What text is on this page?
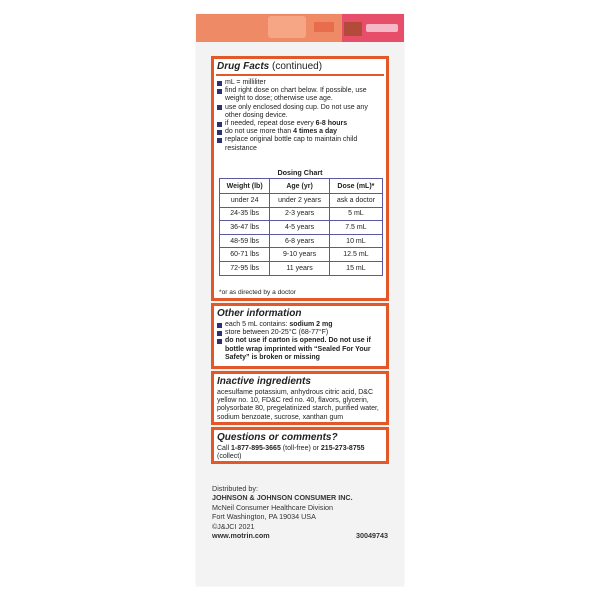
Drug Facts (continued)
mL = milliliter
find right dose on chart below. If possible, use weight to dose; otherwise use age.
use only enclosed dosing cup. Do not use any other dosing device.
if needed, repeat dose every 6-8 hours
do not use more than 4 times a day
replace original bottle cap to maintain child resistance
Dosing Chart
Weight (lb)	Age (yr)	Dose (mL)*
under 24	under 2 years	ask a doctor
24-35 lbs	2-3 years	5 mL
36-47 lbs	4-5 years	7.5 mL
48-59 lbs	6-8 years	10 mL
60-71 lbs	9-10 years	12.5 mL
72-95 lbs	11 years	15 mL
*or as directed by a doctor
Other information
each 5 mL contains: sodium 2 mg
store between 20-25°C (68-77°F)
do not use if carton is opened. Do not use if bottle wrap imprinted with “Sealed For Your Safety” is broken or missing
Inactive ingredients
acesulfame potassium, anhydrous citric acid, D&C yellow no. 10, FD&C red no. 40, flavors, glycerin, polysorbate 80, pregelatinized starch, purified water, sodium benzoate, sucrose, xanthan gum
Questions or comments?
Call 1-877-895-3665 (toll-free) or 215-273-8755
(collect)
Distributed by:
JOHNSON & JOHNSON CONSUMER INC.
McNeil Consumer Healthcare Division
Fort Washington, PA 19034 USA
©J&JCI 2021
www.motrin.com	30049743
